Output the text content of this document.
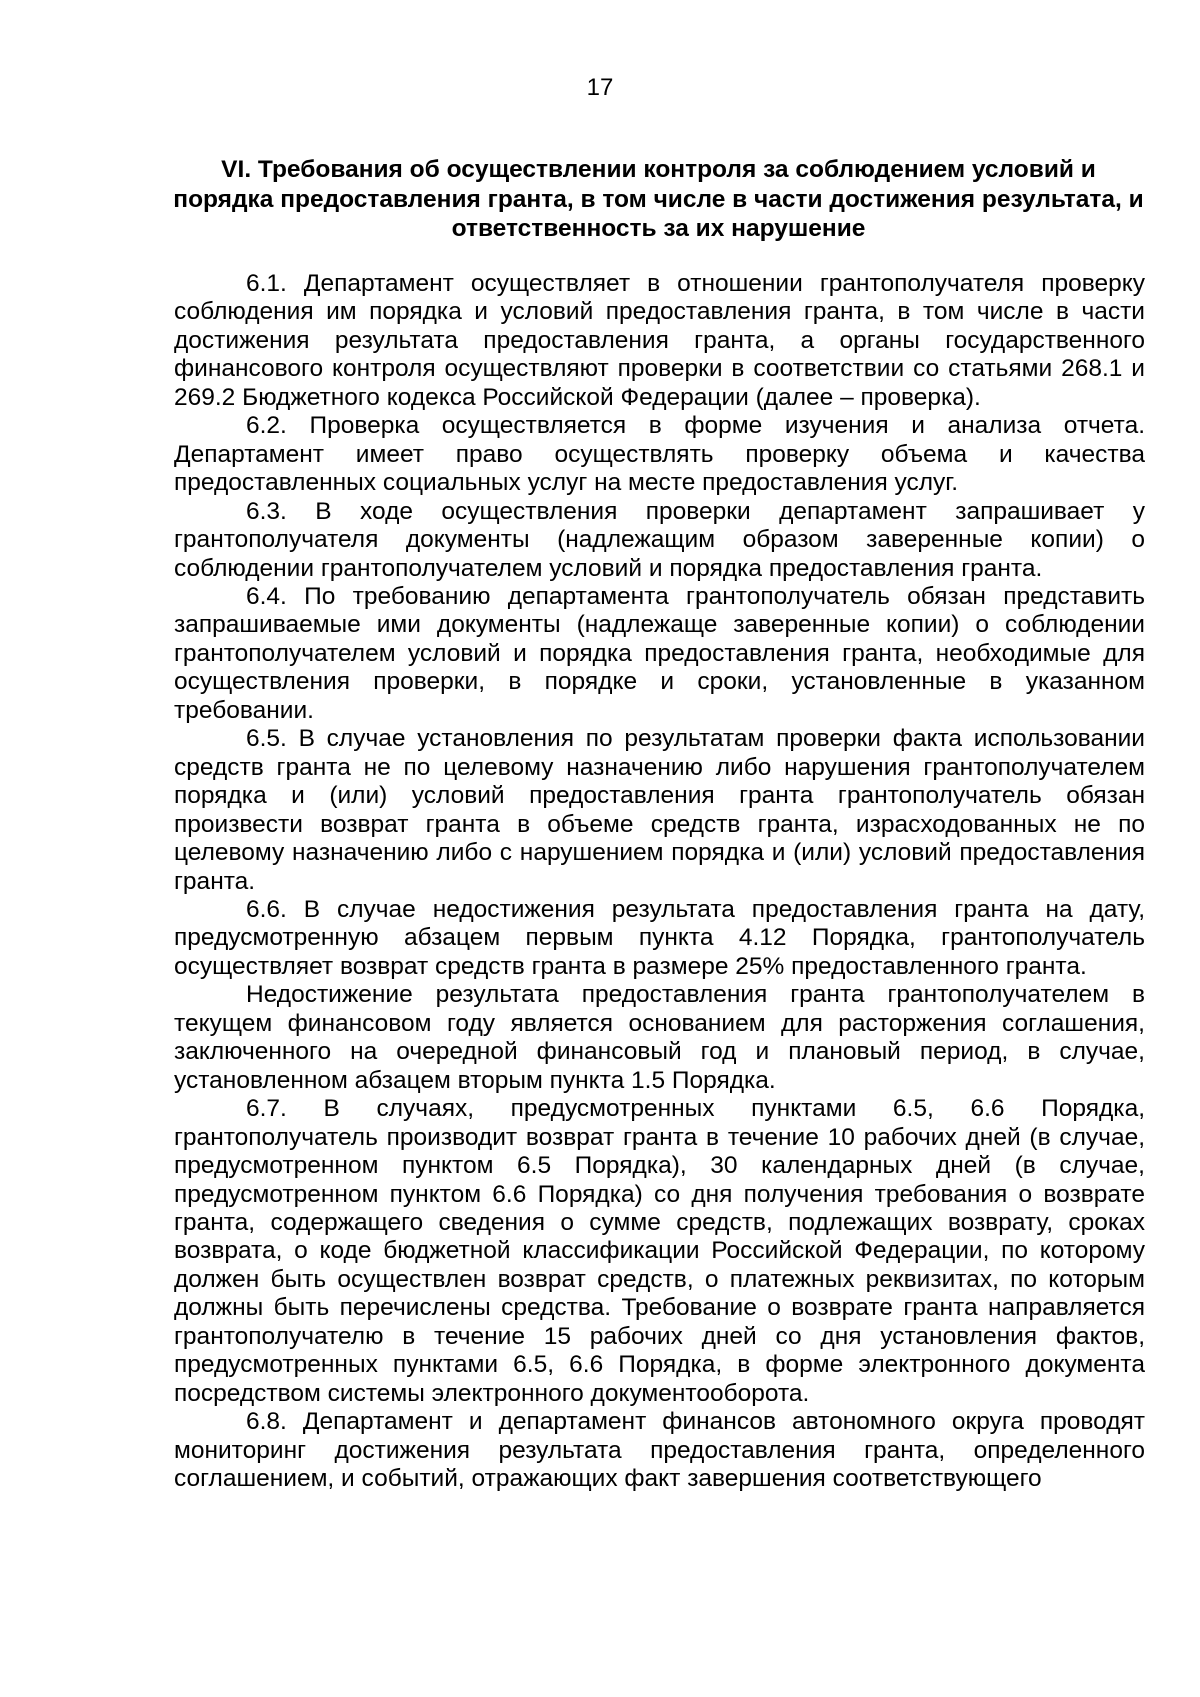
17
VI. Требования об осуществлении контроля за соблюдением условий и порядка предоставления гранта, в том числе в части достижения результата, и ответственность за их нарушение

6.1. Департамент осуществляет в отношении грантополучателя проверку соблюдения им порядка и условий предоставления гранта, в том числе в части достижения результата предоставления гранта, а органы государственного финансового контроля осуществляют проверки в соответствии со статьями 268.1 и 269.2 Бюджетного кодекса Российской Федерации (далее – проверка).

6.2. Проверка осуществляется в форме изучения и анализа отчета. Департамент имеет право осуществлять проверку объема и качества предоставленных социальных услуг на месте предоставления услуг.

6.3. В ходе осуществления проверки департамент запрашивает у грантополучателя документы (надлежащим образом заверенные копии) о соблюдении грантополучателем условий и порядка предоставления гранта.

6.4. По требованию департамента грантополучатель обязан представить запрашиваемые ими документы (надлежаще заверенные копии) о соблюдении грантополучателем условий и порядка предоставления гранта, необходимые для осуществления проверки, в порядке и сроки, установленные в указанном требовании.

6.5. В случае установления по результатам проверки факта использовании средств гранта не по целевому назначению либо нарушения грантополучателем порядка и (или) условий предоставления гранта грантополучатель обязан произвести возврат гранта в объеме средств гранта, израсходованных не по целевому назначению либо с нарушением порядка и (или) условий предоставления гранта.

6.6. В случае недостижения результата предоставления гранта на дату, предусмотренную абзацем первым пункта 4.12 Порядка, грантополучатель осуществляет возврат средств гранта в размере 25% предоставленного гранта.

Недостижение результата предоставления гранта грантополучателем в текущем финансовом году является основанием для расторжения соглашения, заключенного на очередной финансовый год и плановый период, в случае, установленном абзацем вторым пункта 1.5 Порядка.

6.7. В случаях, предусмотренных пунктами 6.5, 6.6 Порядка, грантополучатель производит возврат гранта в течение 10 рабочих дней (в случае, предусмотренном пунктом 6.5 Порядка), 30 календарных дней (в случае, предусмотренном пунктом 6.6 Порядка) со дня получения требования о возврате гранта, содержащего сведения о сумме средств, подлежащих возврату, сроках возврата, о коде бюджетной классификации Российской Федерации, по которому должен быть осуществлен возврат средств, о платежных реквизитах, по которым должны быть перечислены средства. Требование о возврате гранта направляется грантополучателю в течение 15 рабочих дней со дня установления фактов, предусмотренных пунктами 6.5, 6.6 Порядка, в форме электронного документа посредством системы электронного документооборота.

6.8. Департамент и департамент финансов автономного округа проводят мониторинг достижения результата предоставления гранта, определенного соглашением, и событий, отражающих факт завершения соответствующего
